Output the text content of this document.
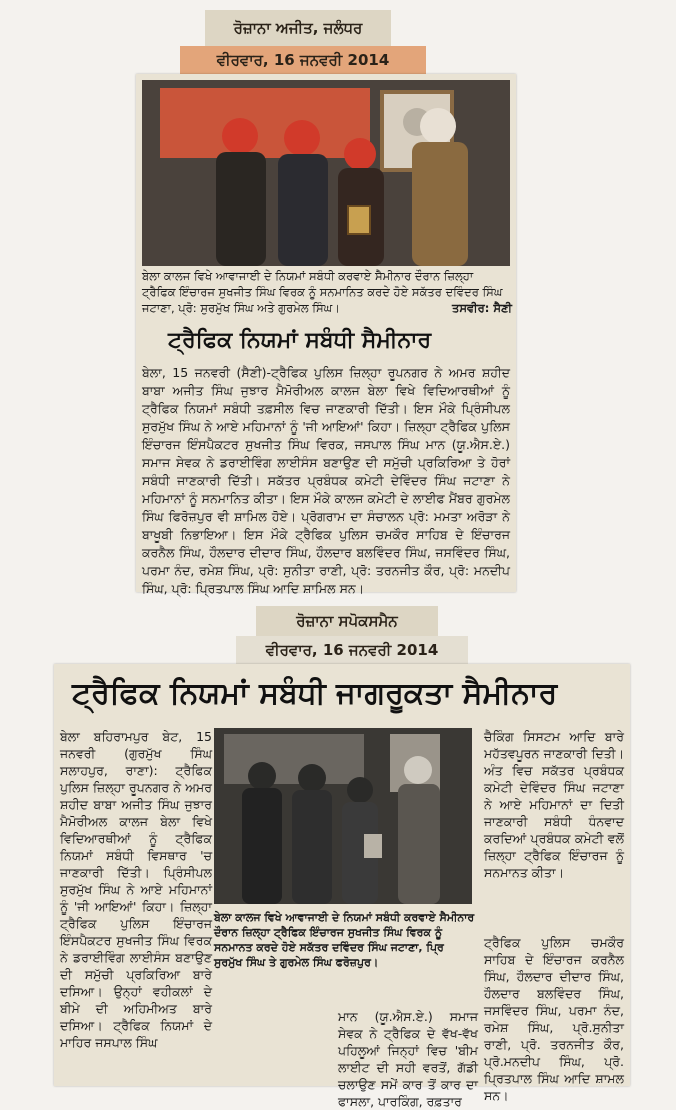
ਰੋਜ਼ਾਨਾ ਅਜੀਤ, ਜਲੰਧਰ
ਵੀਰਵਾਰ, 16 ਜਨਵਰੀ 2014

ਬੇਲਾ ਕਾਲਜ ਵਿਖੇ ਆਵਾਜਾਈ ਦੇ ਨਿਯਮਾਂ ਸਬੰਧੀ ਕਰਵਾਏ ਸੈਮੀਨਾਰ ਦੌਰਾਨ ਜ਼ਿਲ੍ਹਾ ਟ੍ਰੈਫਿਕ ਇੰਚਾਰਜ ਸੁਖਜੀਤ ਸਿੰਘ ਵਿਰਕ ਨੂੰ ਸਨਮਾਨਿਤ ਕਰਦੇ ਹੋਏ ਸਕੱਤਰ ਦਵਿੰਦਰ ਸਿੰਘ ਜਟਾਣਾ, ਪ੍ਰੋ: ਸੁਰਮੁੱਖ ਸਿੰਘ ਅਤੇ ਗੁਰਮੇਲ ਸਿੰਘ।	ਤਸਵੀਰ: ਸੈਣੀ

ਟ੍ਰੈਫਿਕ ਨਿਯਮਾਂ ਸਬੰਧੀ ਸੈਮੀਨਾਰ

ਬੇਲਾ, 15 ਜਨਵਰੀ (ਸੈਣੀ)-ਟ੍ਰੈਫਿਕ ਪੁਲਿਸ ਜ਼ਿਲ੍ਹਾ ਰੂਪਨਗਰ ਨੇ ਅਮਰ ਸ਼ਹੀਦ ਬਾਬਾ ਅਜੀਤ ਸਿੰਘ ਜੁਝਾਰ ਮੈਮੋਰੀਅਲ ਕਾਲਜ ਬੇਲਾ ਵਿਖੇ ਵਿਦਿਆਰਥੀਆਂ ਨੂੰ ਟ੍ਰੈਫਿਕ ਨਿਯਮਾਂ ਸਬੰਧੀ ਤਫ਼ਸੀਲ ਵਿਚ ਜਾਣਕਾਰੀ ਦਿੱਤੀ। ਇਸ ਮੌਕੇ ਪ੍ਰਿੰਸੀਪਲ ਸੁਰਮੁੱਖ ਸਿੰਘ ਨੇ ਆਏ ਮਹਿਮਾਨਾਂ ਨੂੰ 'ਜੀ ਆਇਆਂ' ਕਿਹਾ। ਜ਼ਿਲ੍ਹਾ ਟ੍ਰੈਫਿਕ ਪੁਲਿਸ ਇੰਚਾਰਜ ਇੰਸਪੈਕਟਰ ਸੁਖਜੀਤ ਸਿੰਘ ਵਿਰਕ, ਜਸਪਾਲ ਸਿੰਘ ਮਾਨ (ਯੂ.ਐਸ.ਏ.) ਸਮਾਜ ਸੇਵਕ ਨੇ ਡਰਾਈਵਿੰਗ ਲਾਈਸੰਸ ਬਣਾਉਣ ਦੀ ਸਮੁੱਚੀ ਪ੍ਰਕਿਰਿਆ ਤੇ ਹੋਰਾਂ ਸਬੰਧੀ ਜਾਣਕਾਰੀ ਦਿੱਤੀ। ਸਕੱਤਰ ਪ੍ਰਬੰਧਕ ਕਮੇਟੀ ਦੇਵਿੰਦਰ ਸਿੰਘ ਜਟਾਣਾ ਨੇ ਮਹਿਮਾਨਾਂ ਨੂੰ ਸਨਮਾਨਿਤ ਕੀਤਾ। ਇਸ ਮੌਕੇ ਕਾਲਜ ਕਮੇਟੀ ਦੇ ਲਾਈਫ ਮੈਂਬਰ ਗੁਰਮੇਲ ਸਿੰਘ ਫਿਰੋਜ਼ਪੁਰ ਵੀ ਸ਼ਾਮਿਲ ਹੋਏ। ਪ੍ਰੋਗਰਾਮ ਦਾ ਸੰਚਾਲਨ ਪ੍ਰੋ: ਮਮਤਾ ਅਰੋੜਾ ਨੇ ਬਾਖੂਬੀ ਨਿਭਾਇਆ। ਇਸ ਮੌਕੇ ਟ੍ਰੈਫਿਕ ਪੁਲਿਸ ਚਮਕੌਰ ਸਾਹਿਬ ਦੇ ਇੰਚਾਰਜ ਕਰਨੈਲ ਸਿੰਘ, ਹੌਲਦਾਰ ਦੀਦਾਰ ਸਿੰਘ, ਹੌਲਦਾਰ ਬਲਵਿੰਦਰ ਸਿੰਘ, ਜਸਵਿੰਦਰ ਸਿੰਘ, ਪਰਮਾ ਨੰਦ, ਰਮੇਸ਼ ਸਿੰਘ, ਪ੍ਰੋ: ਸੁਨੀਤਾ ਰਾਣੀ, ਪ੍ਰੋ: ਤਰਨਜੀਤ ਕੌਰ, ਪ੍ਰੋ: ਮਨਦੀਪ ਸਿੰਘ, ਪ੍ਰੋ: ਪ੍ਰਿਤਪਾਲ ਸਿੰਘ ਆਦਿ ਸ਼ਾਮਿਲ ਸਨ।

ਰੋਜ਼ਾਨਾ ਸਪੋਕਸਮੈਨ
ਵੀਰਵਾਰ, 16 ਜਨਵਰੀ 2014
ਟ੍ਰੈਫਿਕ ਨਿਯਮਾਂ ਸਬੰਧੀ ਜਾਗਰੂਕਤਾ ਸੈਮੀਨਾਰ

ਬੇਲਾ ਬਹਿਰਾਮਪੁਰ ਬੇਟ, 15 ਜਨਵਰੀ (ਗੁਰਮੁੱਖ ਸਿੰਘ ਸਲਾਹਪੁਰ, ਰਾਣਾ): ਟ੍ਰੈਫਿਕ ਪੁਲਿਸ ਜ਼ਿਲ੍ਹਾ ਰੂਪਨਗਰ ਨੇ ਅਮਰ ਸ਼ਹੀਦ ਬਾਬਾ ਅਜੀਤ ਸਿੰਘ ਜੁਝਾਰ ਮੈਮੋਰੀਅਲ ਕਾਲਜ ਬੇਲਾ ਵਿਖੇ ਵਿਦਿਆਰਥੀਆਂ ਨੂੰ ਟ੍ਰੈਫਿਕ ਨਿਯਮਾਂ ਸਬੰਧੀ ਵਿਸਥਾਰ 'ਚ ਜਾਣਕਾਰੀ ਦਿੱਤੀ। ਪ੍ਰਿੰਸੀਪਲ ਸੁਰਮੁੱਖ ਸਿੰਘ ਨੇ ਆਏ ਮਹਿਮਾਨਾਂ ਨੂੰ 'ਜੀ ਆਇਆਂ' ਕਿਹਾ। ਜ਼ਿਲ੍ਹਾ ਟ੍ਰੈਫਿਕ ਪੁਲਿਸ ਇੰਚਾਰਜ ਇੰਸਪੈਕਟਰ ਸੁਖਜੀਤ ਸਿੰਘ ਵਿਰਕ ਨੇ ਡਰਾਈਵਿੰਗ ਲਾਈਸੰਸ ਬਣਾਉਣ ਦੀ ਸਮੁੱਚੀ ਪ੍ਰਕਿਰਿਆ ਬਾਰੇ ਦਸਿਆ। ਉਨ੍ਹਾਂ ਵਹੀਕਲਾਂ ਦੇ ਬੀਮੇ ਦੀ ਅਹਿਮੀਅਤ ਬਾਰੇ ਦਸਿਆ। ਟ੍ਰੈਫਿਕ ਨਿਯਮਾਂ ਦੇ ਮਾਹਿਰ ਜਸਪਾਲ ਸਿੰਘ

ਚੈਕਿੰਗ ਸਿਸਟਮ ਆਦਿ ਬਾਰੇ ਮਹੱਤਵਪੂਰਨ ਜਾਣਕਾਰੀ ਦਿਤੀ। ਅੰਤ ਵਿਚ ਸਕੱਤਰ ਪ੍ਰਬੰਧਕ ਕਮੇਟੀ ਦੇਵਿੰਦਰ ਸਿੰਘ ਜਟਾਣਾ ਨੇ ਆਏ ਮਹਿਮਾਨਾਂ ਦਾ ਦਿਤੀ ਜਾਣਕਾਰੀ ਸਬੰਧੀ ਧੰਨਵਾਦ ਕਰਦਿਆਂ ਪ੍ਰਬੰਧਕ ਕਮੇਟੀ ਵਲੋਂ ਜ਼ਿਲ੍ਹਾ ਟ੍ਰੈਫਿਕ ਇੰਚਾਰਜ ਨੂੰ ਸਨਮਾਨਤ ਕੀਤਾ।

ਟ੍ਰੈਫਿਕ ਪੁਲਿਸ ਚਮਕੌਰ ਸਾਹਿਬ ਦੇ ਇੰਚਾਰਜ ਕਰਨੈਲ ਸਿੰਘ, ਹੌਲਦਾਰ ਦੀਦਾਰ ਸਿੰਘ, ਹੌਲਦਾਰ ਬਲਵਿੰਦਰ ਸਿੰਘ, ਜਸਵਿੰਦਰ ਸਿੰਘ, ਪਰਮਾ ਨੰਦ, ਰਮੇਸ਼ ਸਿੰਘ, ਪ੍ਰੋ.ਸੁਨੀਤਾ ਰਾਣੀ, ਪ੍ਰੋ. ਤਰਨਜੀਤ ਕੌਰ, ਪ੍ਰੋ.ਮਨਦੀਪ ਸਿੰਘ, ਪ੍ਰੋ. ਪ੍ਰਿਤਪਾਲ ਸਿੰਘ ਆਦਿ ਸ਼ਾਮਲ ਸਨ।

ਬੇਲਾ ਕਾਲਜ ਵਿਖੇ ਆਵਾਜਾਈ ਦੇ ਨਿਯਮਾਂ ਸਬੰਧੀ ਕਰਵਾਏ ਸੈਮੀਨਾਰ ਦੌਰਾਨ ਜ਼ਿਲ੍ਹਾ ਟ੍ਰੈਫਿਕ ਇੰਚਾਰਜ ਸੁਖਜੀਤ ਸਿੰਘ ਵਿਰਕ ਨੂੰ ਸਨਮਾਨਤ ਕਰਦੇ ਹੋਏ ਸਕੱਤਰ ਦਵਿੰਦਰ ਸਿੰਘ ਜਟਾਣਾ, ਪ੍ਰਿ ਸੁਰਮੁੱਖ ਸਿੰਘ ਤੇ ਗੁਰਮੇਲ ਸਿੰਘ ਫਰੋਜ਼ਪੁਰ।

ਮਾਨ (ਯੂ.ਐਸ.ਏ.) ਸਮਾਜ ਸੇਵਕ ਨੇ ਟ੍ਰੈਫਿਕ ਦੇ ਵੱਖ-ਵੱਖ ਪਹਿਲੂਆਂ ਜਿਨ੍ਹਾਂ ਵਿਚ 'ਬੀਮ ਲਾਈਟ ਦੀ ਸਹੀ ਵਰਤੋਂ, ਗੱਡੀ ਚਲਾਉਣ ਸਮੇਂ ਕਾਰ ਤੋਂ ਕਾਰ ਦਾ ਫਾਸਲਾ, ਪਾਰਕਿੰਗ, ਰਫ਼ਤਾਰ
